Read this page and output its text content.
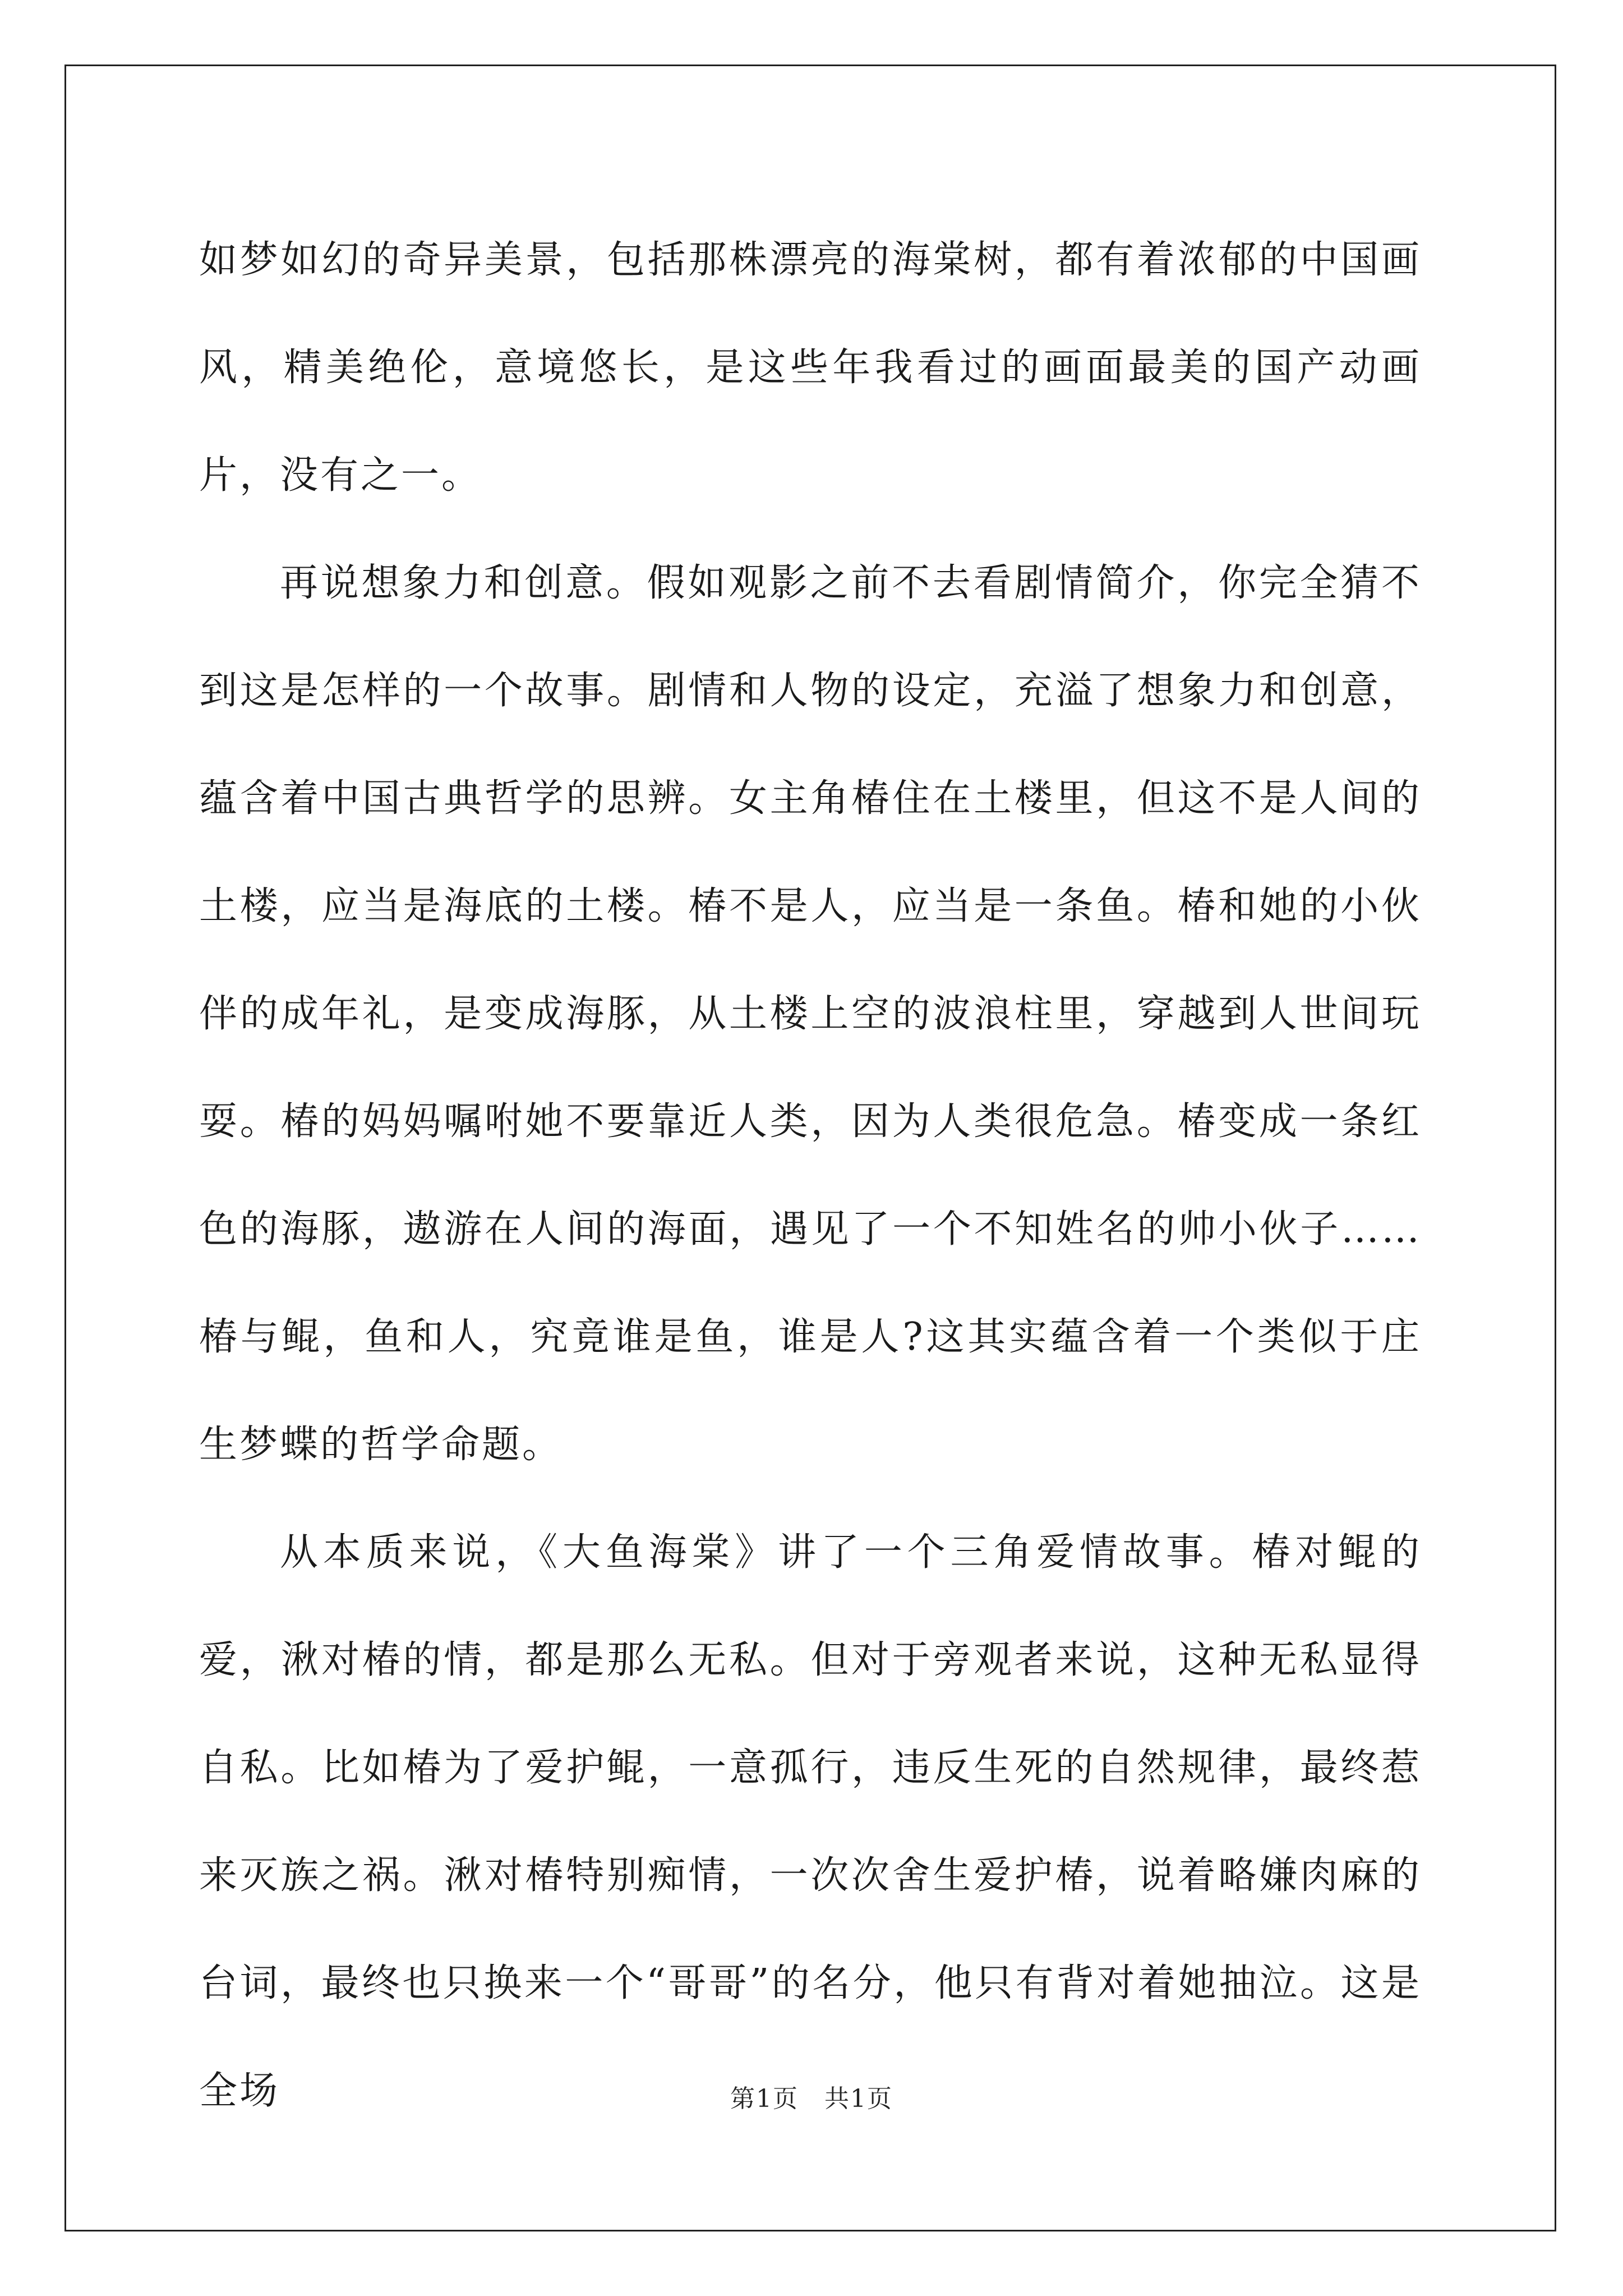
如梦如幻的奇异美景，包括那株漂亮的海棠树，都有着浓郁的中国画风，精美绝伦，意境悠长，是这些年我看过的画面最美的国产动画片，没有之一。

再说想象力和创意。假如观影之前不去看剧情简介，你完全猜不到这是怎样的一个故事。剧情和人物的设定，充溢了想象力和创意，蕴含着中国古典哲学的思辨。女主角椿住在土楼里，但这不是人间的土楼，应当是海底的土楼。椿不是人，应当是一条鱼。椿和她的小伙伴的成年礼，是变成海豚，从土楼上空的波浪柱里，穿越到人世间玩耍。椿的妈妈嘱咐她不要靠近人类，因为人类很危急。椿变成一条红色的海豚，遨游在人间的海面，遇见了一个不知姓名的帅小伙子……椿与鲲，鱼和人，究竟谁是鱼，谁是人?这其实蕴含着一个类似于庄生梦蝶的哲学命题。

从本质来说，《大鱼海棠》讲了一个三角爱情故事。椿对鲲的爱，湫对椿的情，都是那么无私。但对于旁观者来说，这种无私显得自私。比如椿为了爱护鲲，一意孤行，违反生死的自然规律，最终惹来灭族之祸。湫对椿特别痴情，一次次舍生爱护椿，说着略嫌肉麻的台词，最终也只换来一个“哥哥”的名分，他只有背对着她抽泣。这是全场	第1页　共1页
